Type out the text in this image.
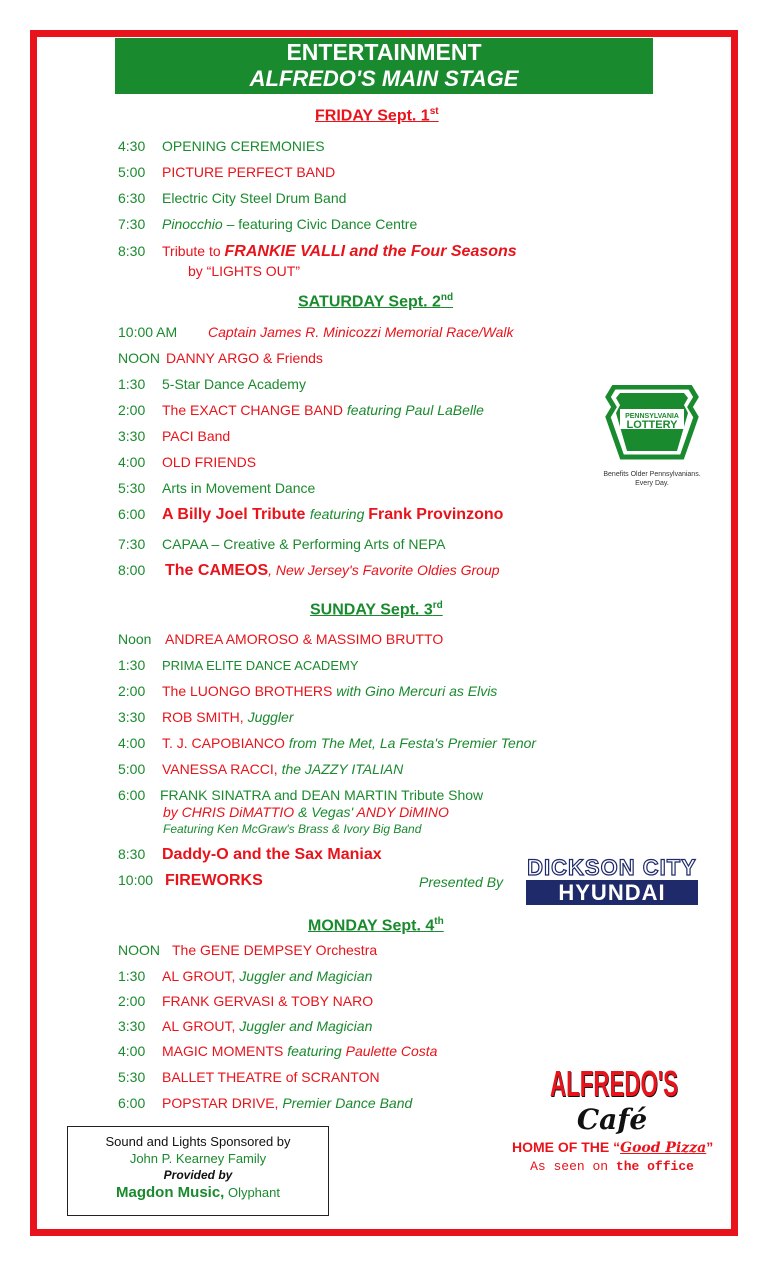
ENTERTAINMENT
ALFREDO'S MAIN STAGE
FRIDAY Sept. 1st
4:30 OPENING CEREMONIES
5:00 PICTURE PERFECT BAND
6:30 Electric City Steel Drum Band
7:30 Pinocchio – featuring Civic Dance Centre
8:30 Tribute to FRANKIE VALLI and the Four Seasons
by “LIGHTS OUT”
SATURDAY Sept. 2nd
10:00 AM Captain James R. Minicozzi Memorial Race/Walk
NOON DANNY ARGO & Friends
1:30 5-Star Dance Academy
2:00 The EXACT CHANGE BAND featuring Paul LaBelle
3:30 PACI Band
4:00 OLD FRIENDS
5:30 Arts in Movement Dance
6:00 A Billy Joel Tribute featuring Frank Provinzono
7:30 CAPAA – Creative & Performing Arts of NEPA
8:00 The CAMEOS, New Jersey's Favorite Oldies Group
SUNDAY Sept. 3rd
Noon ANDREA AMOROSO & MASSIMO BRUTTO
1:30 PRIMA ELITE DANCE ACADEMY
2:00 The LUONGO BROTHERS with Gino Mercuri as Elvis
3:30 ROB SMITH, Juggler
4:00 T. J. CAPOBIANCO from The Met, La Festa's Premier Tenor
5:00 VANESSA RACCI, the JAZZY ITALIAN
6:00 FRANK SINATRA and DEAN MARTIN Tribute Show
by CHRIS DiMATTIO & Vegas' ANDY DiMINO
Featuring Ken McGraw's Brass & Ivory Big Band
8:30 Daddy-O and the Sax Maniax
10:00 FIREWORKS	Presented By
DICKSON CITY
HYUNDAI
MONDAY Sept. 4th
NOON The GENE DEMPSEY Orchestra
1:30 AL GROUT, Juggler and Magician
2:00 FRANK GERVASI & TOBY NARO
3:30 AL GROUT, Juggler and Magician
4:00 MAGIC MOMENTS featuring Paulette Costa
5:30 BALLET THEATRE of SCRANTON
6:00 POPSTAR DRIVE, Premier Dance Band
PENNSYLVANIA
LOTTERY
Benefits Older Pennsylvanians.
Every Day.
Sound and Lights Sponsored by
John P. Kearney Family
Provided by
Magdon Music, Olyphant
ALFREDO'S
Café
HOME OF THE “Good Pizza”
As seen on the office
